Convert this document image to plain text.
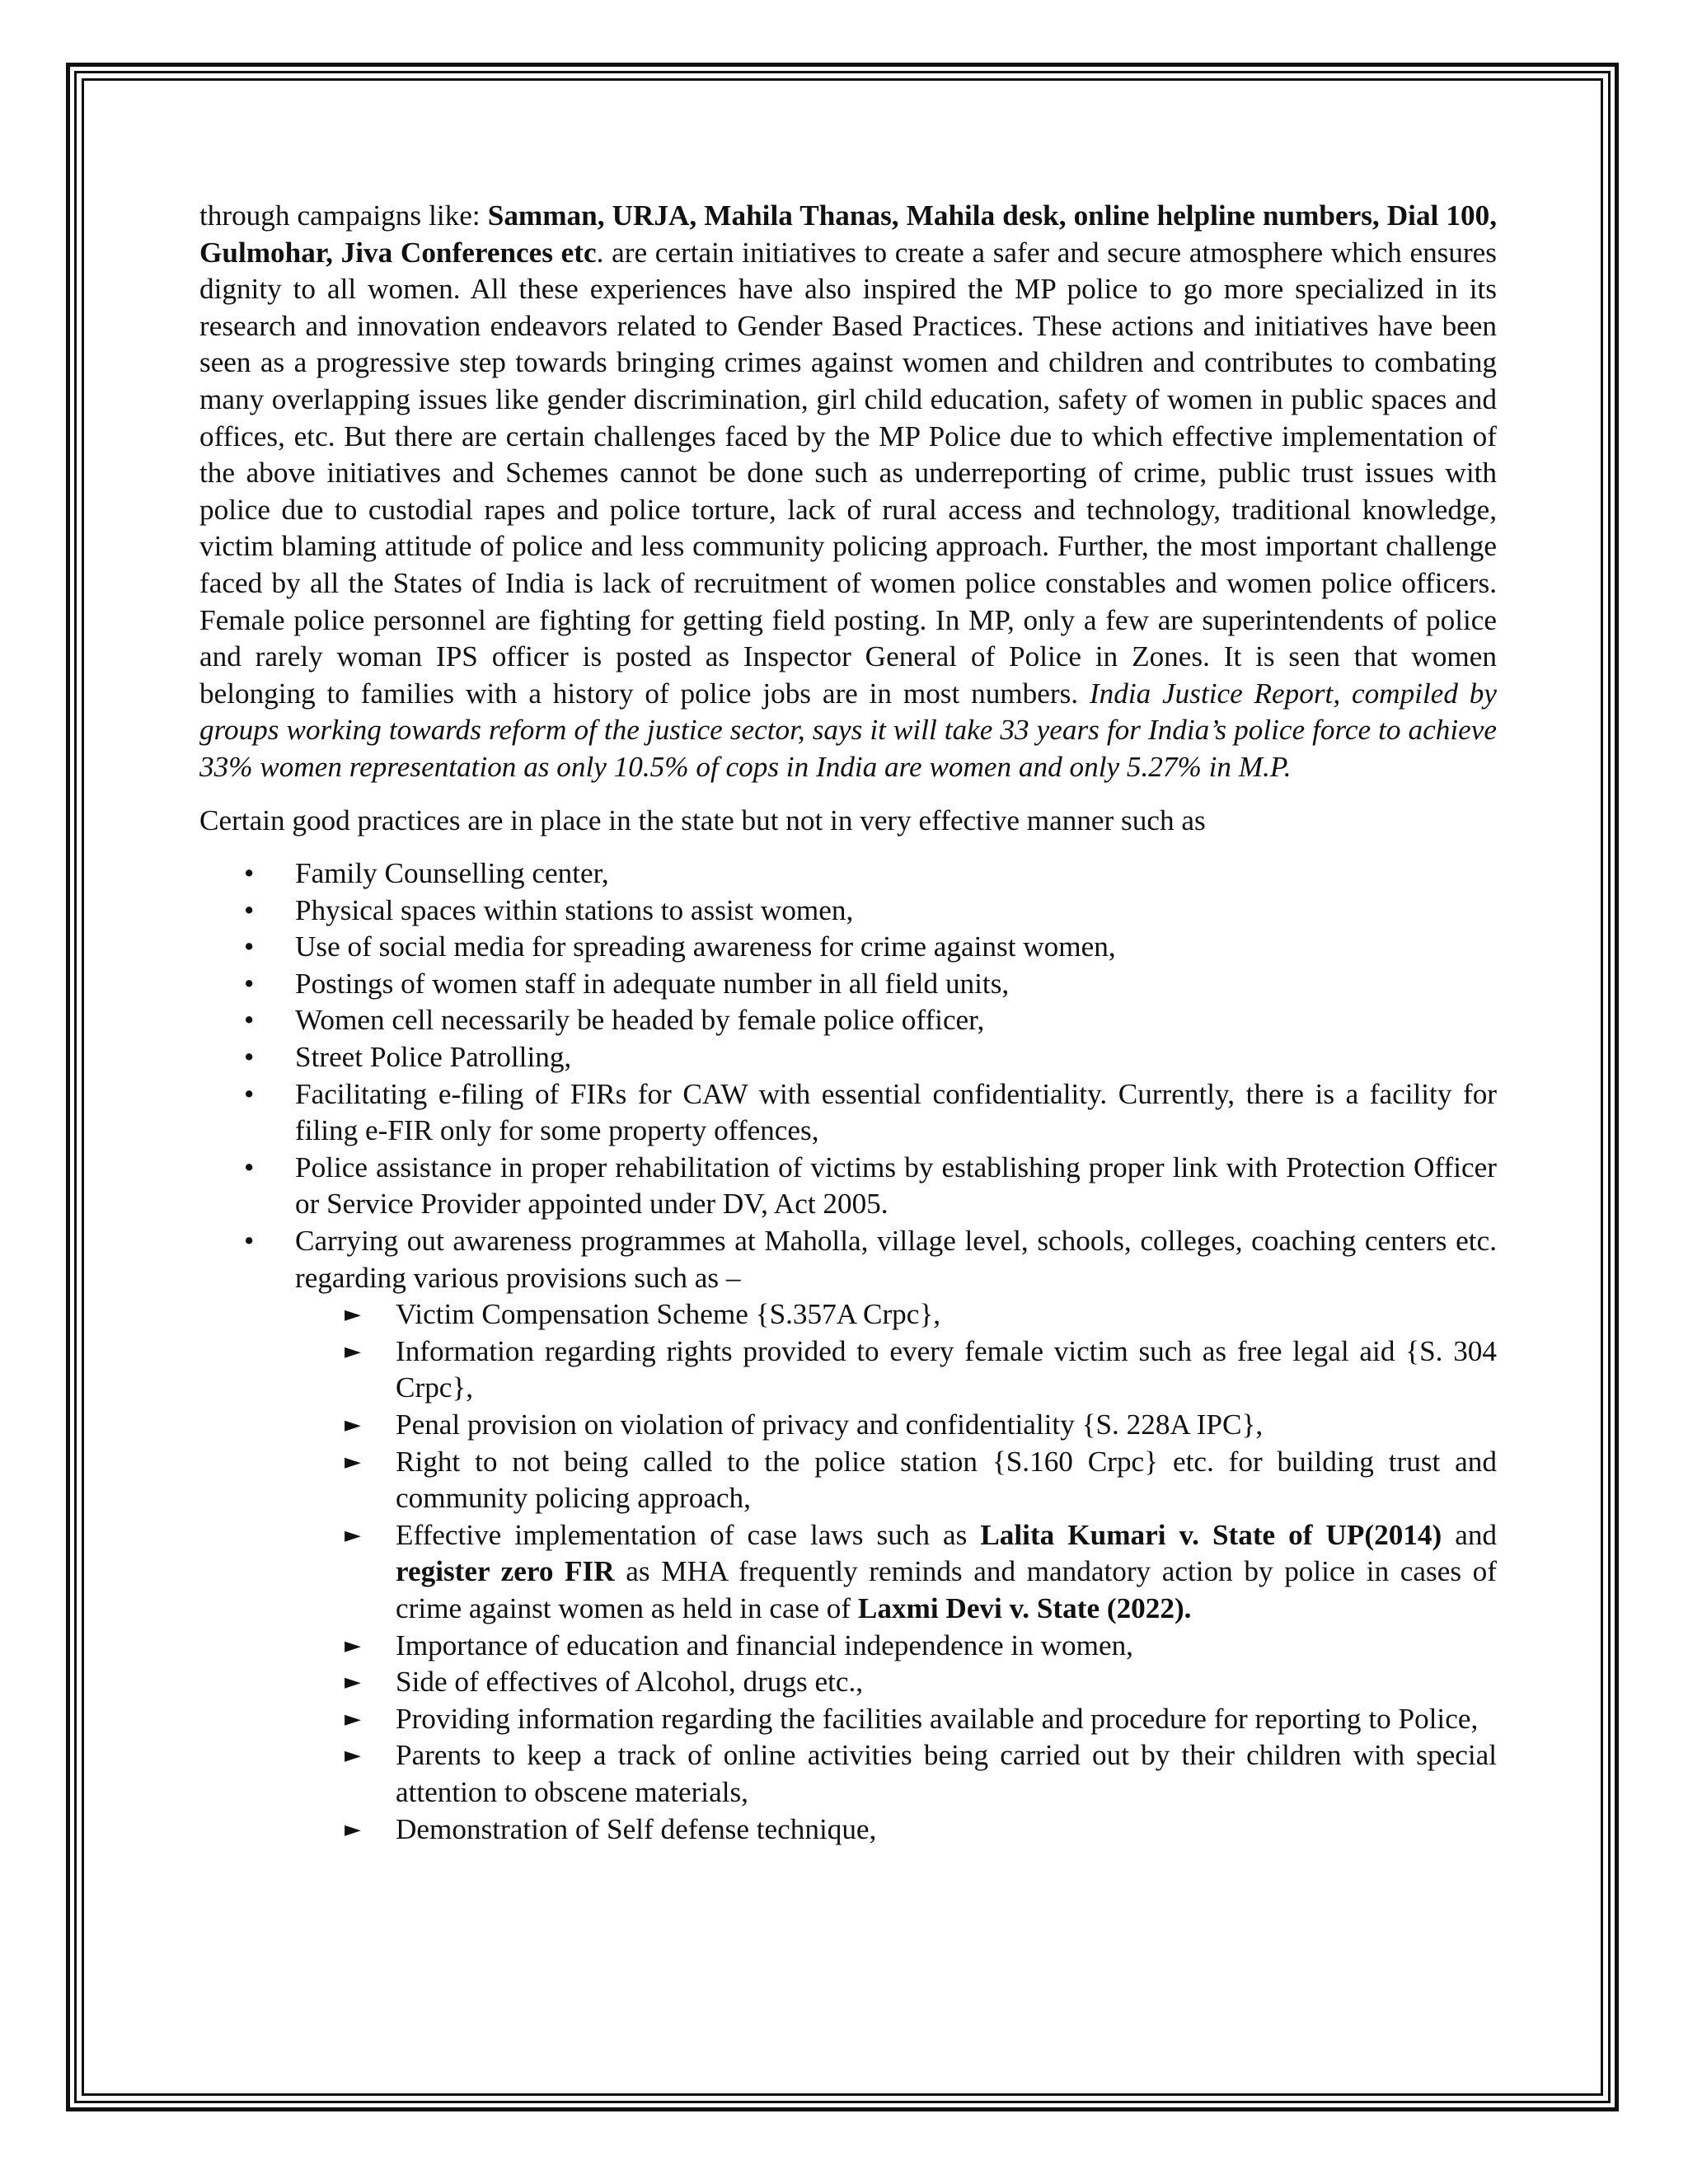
through campaigns like: Samman, URJA, Mahila Thanas, Mahila desk, online helpline numbers, Dial 100, Gulmohar, Jiva Conferences etc. are certain initiatives to create a safer and secure atmosphere which ensures dignity to all women. All these experiences have also inspired the MP police to go more specialized in its research and innovation endeavors related to Gender Based Practices. These actions and initiatives have been seen as a progressive step towards bringing crimes against women and children and contributes to combating many overlapping issues like gender discrimination, girl child education, safety of women in public spaces and offices, etc. But there are certain challenges faced by the MP Police due to which effective implementation of the above initiatives and Schemes cannot be done such as underreporting of crime, public trust issues with police due to custodial rapes and police torture, lack of rural access and technology, traditional knowledge, victim blaming attitude of police and less community policing approach. Further, the most important challenge faced by all the States of India is lack of recruitment of women police constables and women police officers. Female police personnel are fighting for getting field posting. In MP, only a few are superintendents of police and rarely woman IPS officer is posted as Inspector General of Police in Zones. It is seen that women belonging to families with a history of police jobs are in most numbers. India Justice Report, compiled by groups working towards reform of the justice sector, says it will take 33 years for India’s police force to achieve 33% women representation as only 10.5% of cops in India are women and only 5.27% in M.P.

Certain good practices are in place in the state but not in very effective manner such as

• Family Counselling center,
• Physical spaces within stations to assist women,
• Use of social media for spreading awareness for crime against women,
• Postings of women staff in adequate number in all field units,
• Women cell necessarily be headed by female police officer,
• Street Police Patrolling,
• Facilitating e-filing of FIRs for CAW with essential confidentiality. Currently, there is a facility for filing e-FIR only for some property offences,
• Police assistance in proper rehabilitation of victims by establishing proper link with Protection Officer or Service Provider appointed under DV, Act 2005.
• Carrying out awareness programmes at Maholla, village level, schools, colleges, coaching centers etc. regarding various provisions such as –
► Victim Compensation Scheme {S.357A Crpc},
► Information regarding rights provided to every female victim such as free legal aid {S. 304 Crpc},
► Penal provision on violation of privacy and confidentiality {S. 228A IPC},
► Right to not being called to the police station {S.160 Crpc} etc. for building trust and community policing approach,
► Effective implementation of case laws such as Lalita Kumari v. State of UP(2014) and register zero FIR as MHA frequently reminds and mandatory action by police in cases of crime against women as held in case of Laxmi Devi v. State (2022).
► Importance of education and financial independence in women,
► Side of effectives of Alcohol, drugs etc.,
► Providing information regarding the facilities available and procedure for reporting to Police,
► Parents to keep a track of online activities being carried out by their children with special attention to obscene materials,
► Demonstration of Self defense technique,
